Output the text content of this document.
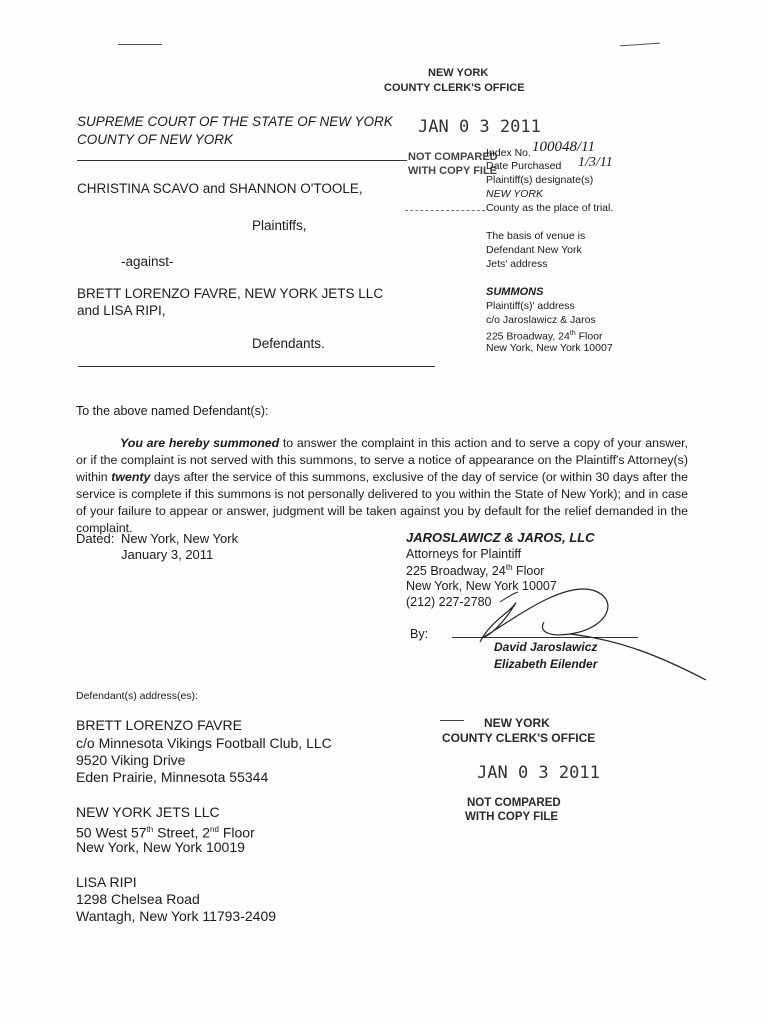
NEW YORK
COUNTY CLERK'S OFFICE
JAN 0 3 2011
NOT COMPARED
WITH COPY FILE
SUPREME COURT OF THE STATE OF NEW YORK
COUNTY OF NEW YORK
Index No. 100048/11
Date Purchased 1/3/11
Plaintiff(s) designate(s)
NEW YORK
County as the place of trial.
The basis of venue is
Defendant New York
Jets' address
CHRISTINA SCAVO and SHANNON O'TOOLE,
Plaintiffs,
-against-
BRETT LORENZO FAVRE, NEW YORK JETS LLC
and LISA RIPI,
Defendants.
SUMMONS
Plaintiff(s)' address
c/o Jaroslawicz & Jaros
225 Broadway, 24th Floor
New York, New York 10007
To the above named Defendant(s):
You are hereby summoned to answer the complaint in this action and to serve a copy of your answer, or if the complaint is not served with this summons, to serve a notice of appearance on the Plaintiff's Attorney(s) within twenty days after the service of this summons, exclusive of the day of service (or within 30 days after the service is complete if this summons is not personally delivered to you within the State of New York); and in case of your failure to appear or answer, judgment will be taken against you by default for the relief demanded in the complaint.
Dated: New York, New York
January 3, 2011
JAROSLAWICZ & JAROS, LLC
Attorneys for Plaintiff
225 Broadway, 24th Floor
New York, New York 10007
(212) 227-2780
By:
David Jaroslawicz
Elizabeth Eilender
Defendant(s) address(es):
BRETT LORENZO FAVRE
c/o Minnesota Vikings Football Club, LLC
9520 Viking Drive
Eden Prairie, Minnesota 55344
NEW YORK JETS LLC
50 West 57th Street, 2nd Floor
New York, New York 10019
LISA RIPI
1298 Chelsea Road
Wantagh, New York 11793-2409
NEW YORK
COUNTY CLERK'S OFFICE
JAN 0 3 2011
NOT COMPARED
WITH COPY FILE
